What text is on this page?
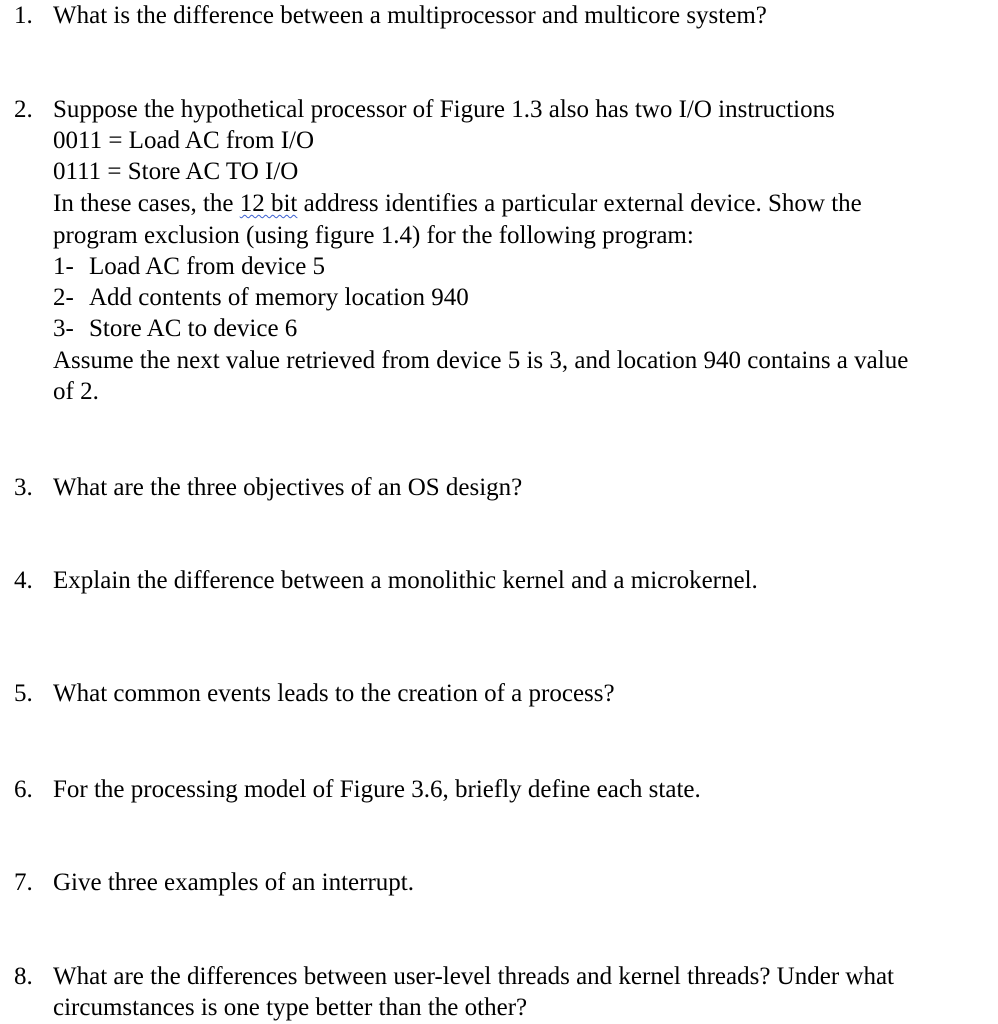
1. What is the difference between a multiprocessor and multicore system?
2. Suppose the hypothetical processor of Figure 1.3 also has two I/O instructions
0011 = Load AC from I/O
0111 = Store AC TO I/O
In these cases, the 12 bit address identifies a particular external device. Show the
program exclusion (using figure 1.4) for the following program:
1- Load AC from device 5
2- Add contents of memory location 940
3- Store AC to device 6
Assume the next value retrieved from device 5 is 3, and location 940 contains a value
of 2.
3. What are the three objectives of an OS design?
4. Explain the difference between a monolithic kernel and a microkernel.
5. What common events leads to the creation of a process?
6. For the processing model of Figure 3.6, briefly define each state.
7. Give three examples of an interrupt.
8. What are the differences between user-level threads and kernel threads? Under what
circumstances is one type better than the other?
